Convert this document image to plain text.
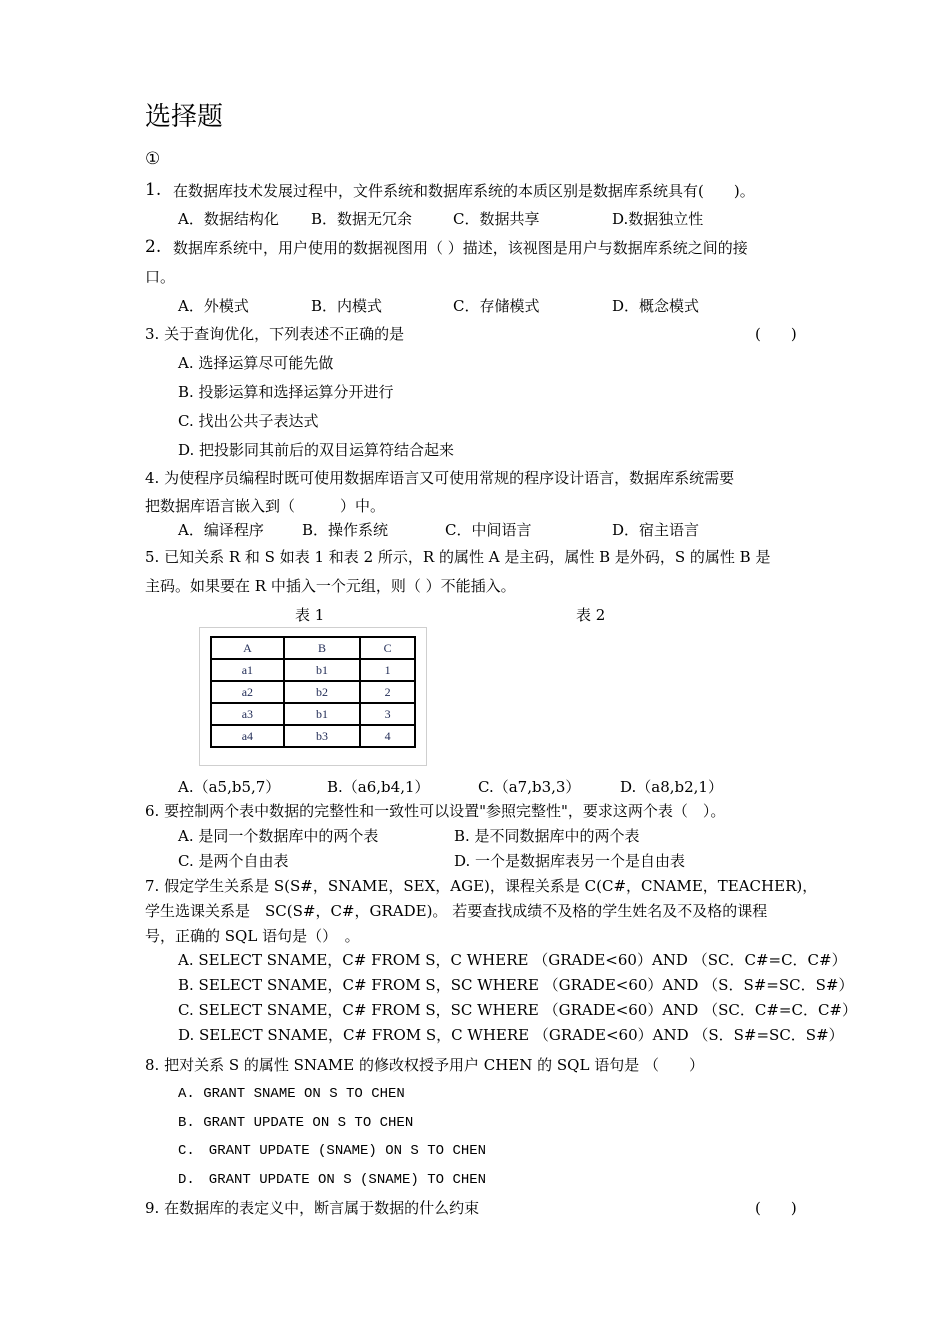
选择题
①
1. 在数据库技术发展过程中，文件系统和数据库系统的本质区别是数据库系统具有(　　)。
A．数据结构化 B．数据无冗余	C．数据共享	D.数据独立性
2. 数据库系统中，用户使用的数据视图用（ ）描述，该视图是用户与数据库系统之间的接
口。
A．外模式	B．内模式	C．存储模式	D．概念模式
3. 关于查询优化，下列表述不正确的是	(　　)
A. 选择运算尽可能先做
B. 投影运算和选择运算分开进行
C. 找出公共子表达式
D. 把投影同其前后的双目运算符结合起来
4. 为使程序员编程时既可使用数据库语言又可使用常规的程序设计语言，数据库系统需要
把数据库语言嵌入到（　　　）中。
A．编译程序	B．操作系统	C．中间语言	D．宿主语言
5. 已知关系 R 和 S 如表 1 和表 2 所示，R 的属性 A 是主码，属性 B 是外码，S 的属性 B 是
主码。如果要在 R 中插入一个元组，则（ ）不能插入。
表 1	表 2
A	B	C
a1	b1	1
a2	b2	2
a3	b1	3
a4	b3	4
A.（a5,b5,7）	B.（a6,b4,1）	C.（a7,b3,3）	D.（a8,b2,1）
6. 要控制两个表中数据的完整性和一致性可以设置"参照完整性"，要求这两个表（　）。
A. 是同一个数据库中的两个表	B. 是不同数据库中的两个表
C. 是两个自由表	D. 一个是数据库表另一个是自由表
7. 假定学生关系是 S(S#，SNAME，SEX，AGE)，课程关系是 C(C#，CNAME，TEACHER)，
学生选课关系是　SC(S#，C#，GRADE)。 若要查找成绩不及格的学生姓名及不及格的课程
号，正确的 SQL 语句是（）　。
A. SELECT SNAME，C# FROM S，C WHERE （GRADE<60）AND （SC．C#=C．C#）
B. SELECT SNAME，C# FROM S，SC WHERE （GRADE<60）AND （S．S#=SC．S#）
C. SELECT SNAME，C# FROM S，SC WHERE （GRADE<60）AND （SC．C#=C．C#）
D. SELECT SNAME，C# FROM S，C WHERE （GRADE<60）AND （S．S#=SC．S#）
8. 把对关系 S 的属性 SNAME 的修改权授予用户 CHEN 的 SQL 语句是 （　　）
A. GRANT SNAME ON S TO CHEN
B. GRANT UPDATE ON S TO CHEN
C.　GRANT UPDATE (SNAME) ON S TO CHEN
D.　GRANT UPDATE ON S (SNAME) TO CHEN
9. 在数据库的表定义中，断言属于数据的什么约束	(　　)
